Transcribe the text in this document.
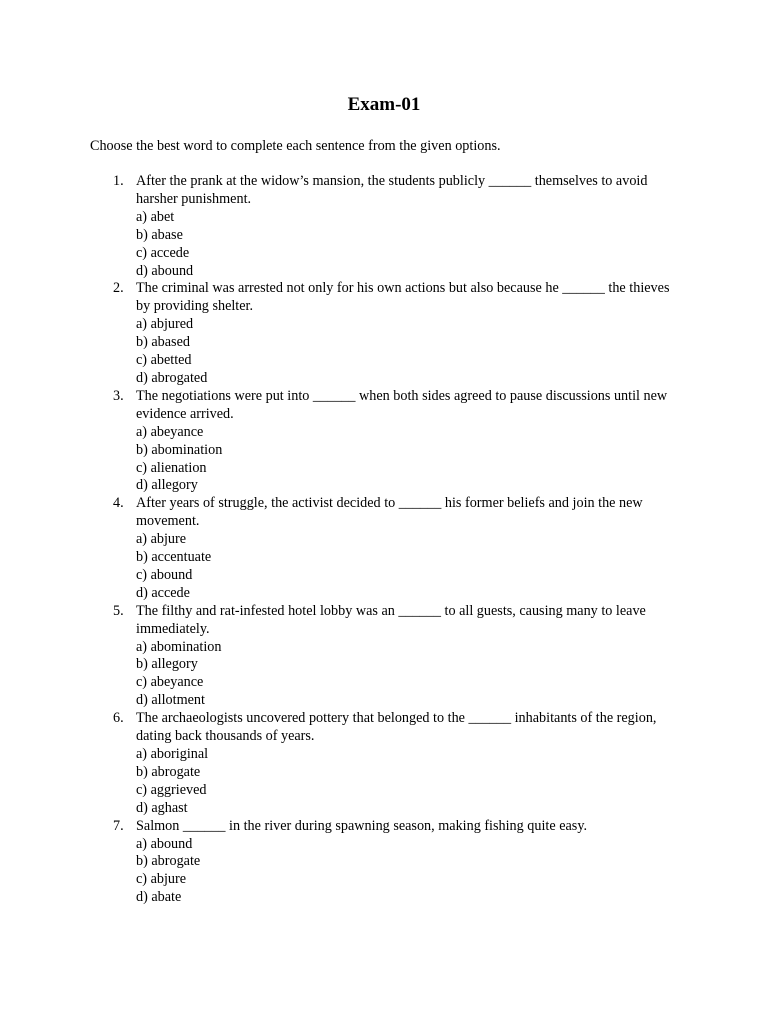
Exam-01

Choose the best word to complete each sentence from the given options.

1. After the prank at the widow’s mansion, the students publicly ______ themselves to avoid harsher punishment.
a) abet
b) abase
c) accede
d) abound
2. The criminal was arrested not only for his own actions but also because he ______ the thieves by providing shelter.
a) abjured
b) abased
c) abetted
d) abrogated
3. The negotiations were put into ______ when both sides agreed to pause discussions until new evidence arrived.
a) abeyance
b) abomination
c) alienation
d) allegory
4. After years of struggle, the activist decided to ______ his former beliefs and join the new movement.
a) abjure
b) accentuate
c) abound
d) accede
5. The filthy and rat-infested hotel lobby was an ______ to all guests, causing many to leave immediately.
a) abomination
b) allegory
c) abeyance
d) allotment
6. The archaeologists uncovered pottery that belonged to the ______ inhabitants of the region, dating back thousands of years.
a) aboriginal
b) abrogate
c) aggrieved
d) aghast
7. Salmon ______ in the river during spawning season, making fishing quite easy.
a) abound
b) abrogate
c) abjure
d) abate
